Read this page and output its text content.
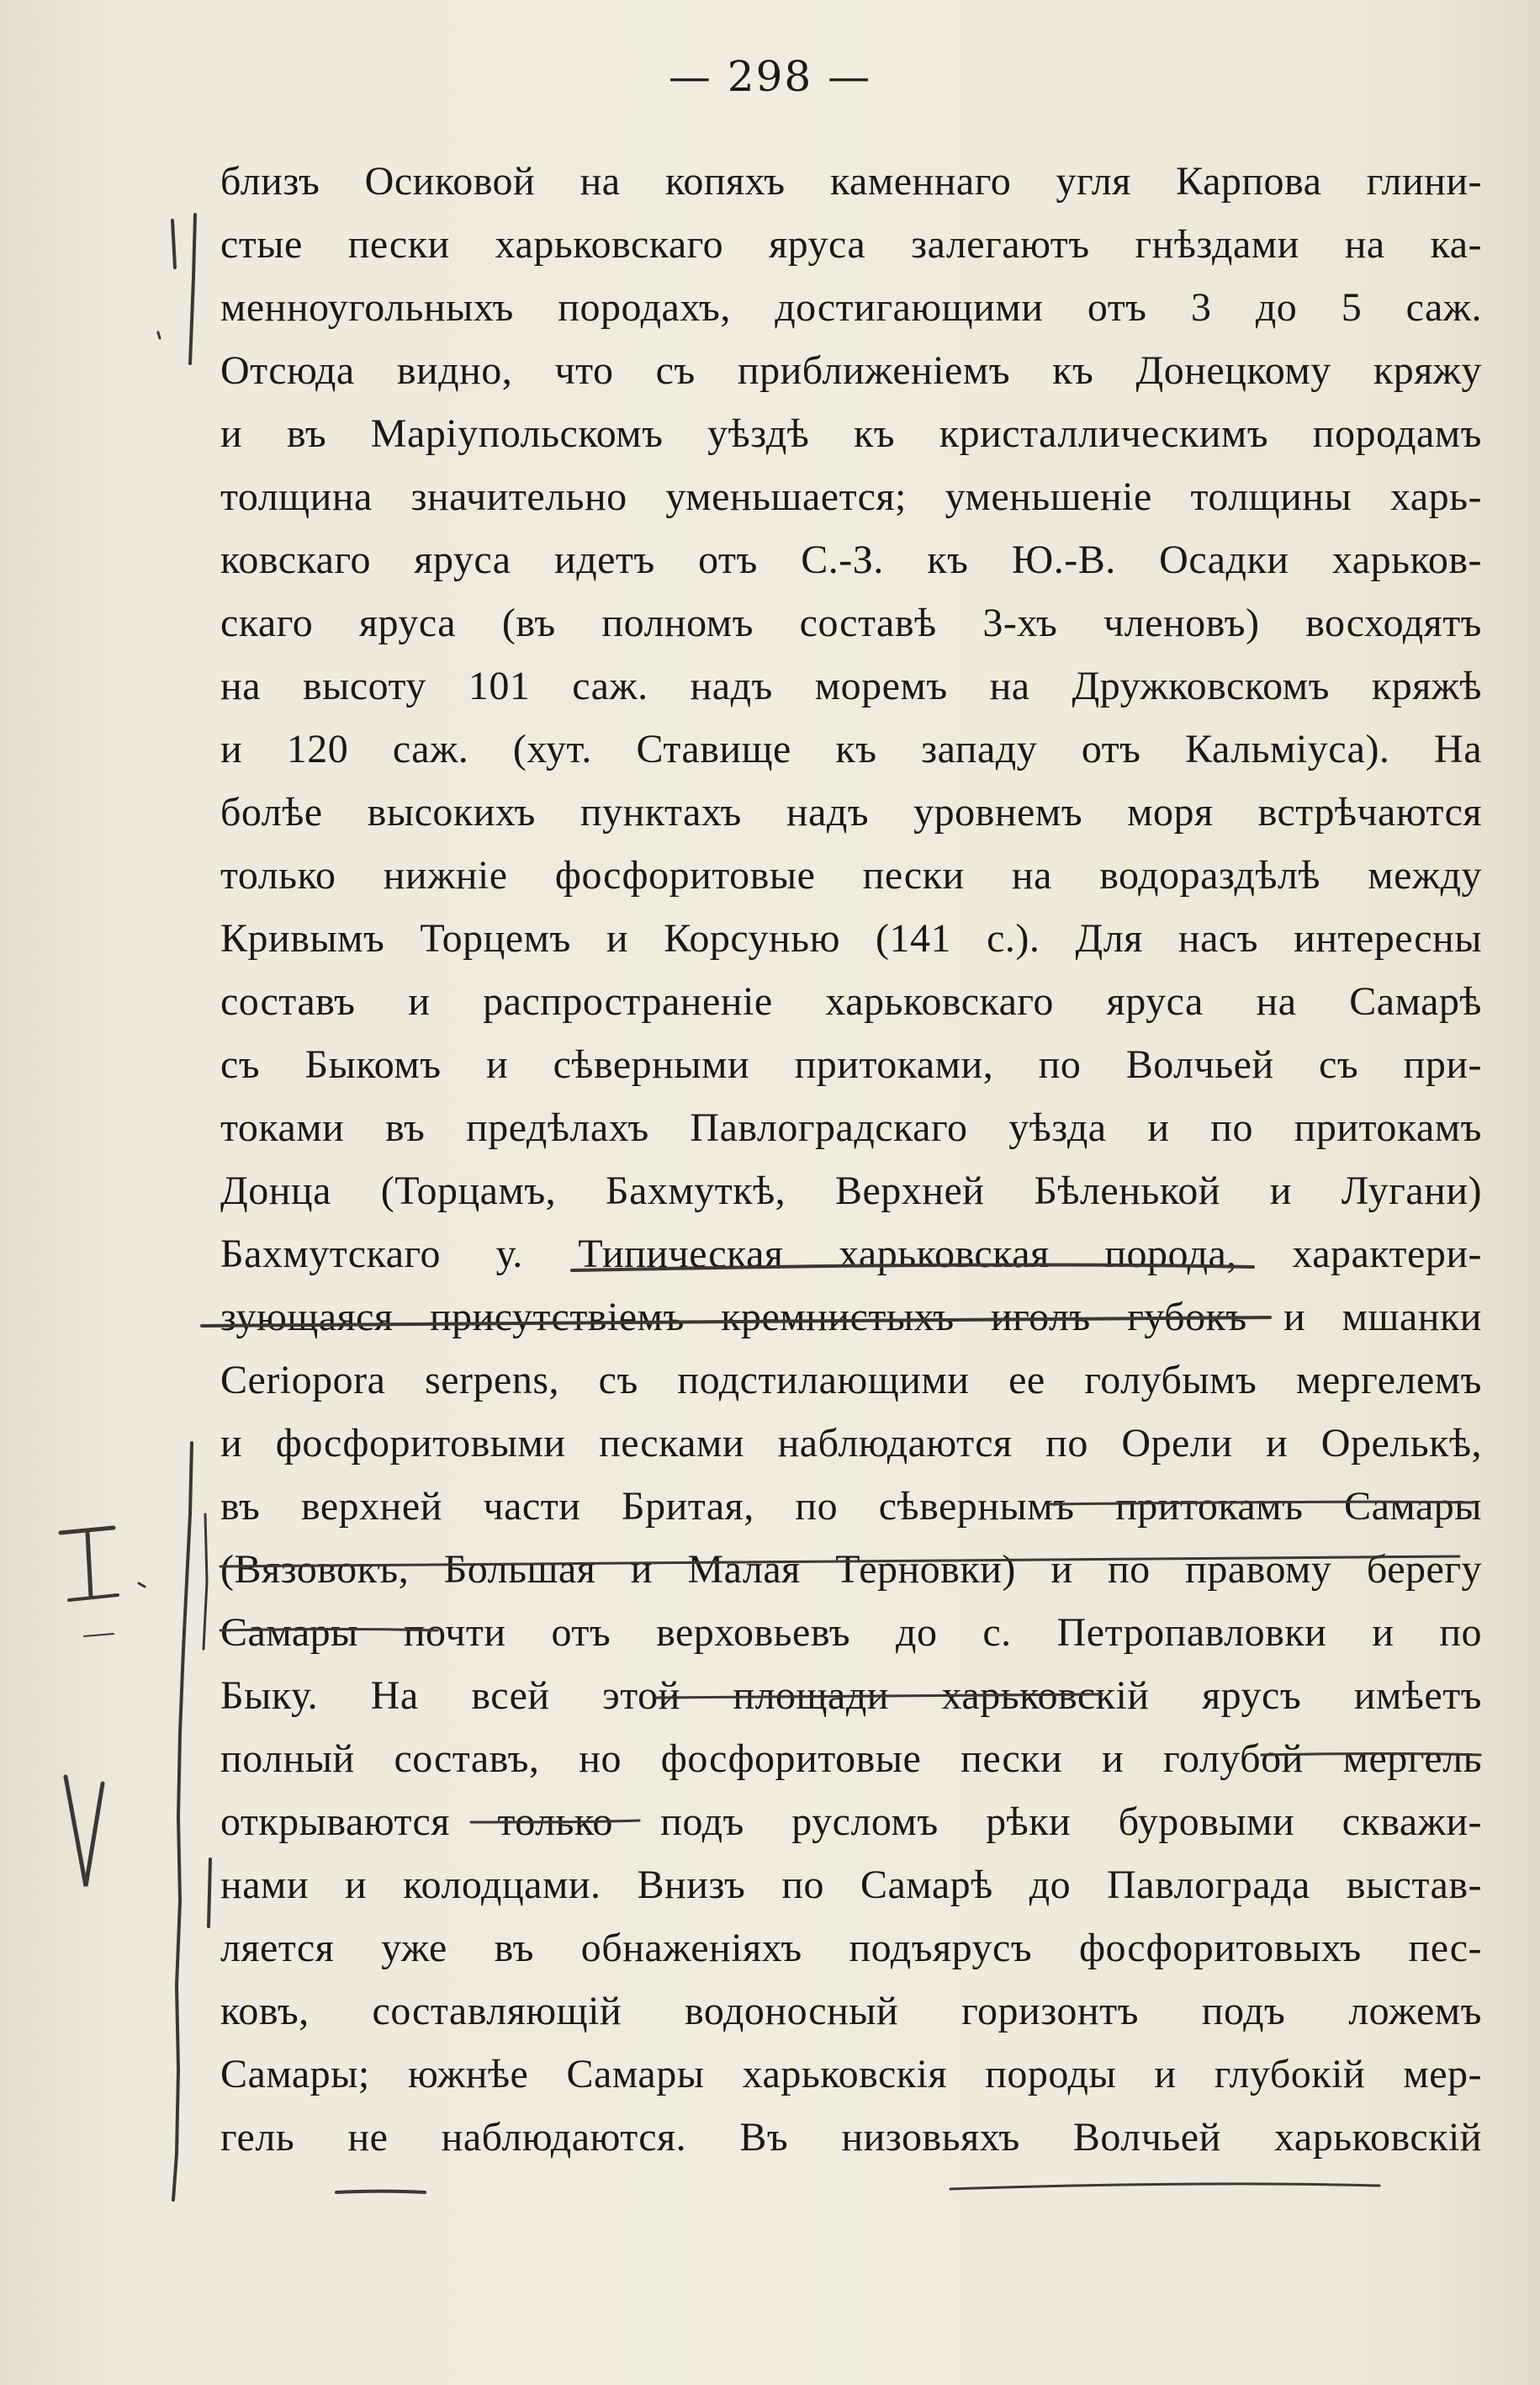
— 298 —
близъ Осиковой на копяхъ каменнаго угля Карпова глини-
стые пески харьковскаго яруса залегаютъ гнѣздами на ка-
менноугольныхъ породахъ, достигающими отъ 3 до 5 саж.
Отсюда видно, что съ приближеніемъ къ Донецкому кряжу
и въ Маріупольскомъ уѣздѣ къ кристаллическимъ породамъ
толщина значительно уменьшается; уменьшеніе толщины харь-
ковскаго яруса идетъ отъ С.-З. къ Ю.-В. Осадки харьков-
скаго яруса (въ полномъ составѣ 3-хъ членовъ) восходятъ
на высоту 101 саж. надъ моремъ на Дружковскомъ кряжѣ
и 120 саж. (хут. Ставище къ западу отъ Кальміуса). На
болѣе высокихъ пунктахъ надъ уровнемъ моря встрѣчаются
только нижніе фосфоритовые пески на водораздѣлѣ между
Кривымъ Торцемъ и Корсунью (141 с.). Для насъ интересны
составъ и распространеніе харьковскаго яруса на Самарѣ
съ Быкомъ и сѣверными притоками, по Волчьей съ при-
токами въ предѣлахъ Павлоградскаго уѣзда и по притокамъ
Донца (Торцамъ, Бахмуткѣ, Верхней Бѣленькой и Лугани)
Бахмутскаго у. Типическая харьковская порода, характери-
зующаяся присутствіемъ кремнистыхъ иголъ губокъ и мшанки
Ceriopora serpens, съ подстилающими ее голубымъ мергелемъ
и фосфоритовыми песками наблюдаются по Орели и Орелькѣ,
въ верхней части Бритая, по сѣвернымъ притокамъ Самары
(Вязовокъ, Большая и Малая Терновки) и по правому берегу
Самары почти отъ верховьевъ до с. Петропавловки и по
Быку. На всей этой площади харьковскій ярусъ имѣетъ
полный составъ, но фосфоритовые пески и голубой мергель
открываются только подъ русломъ рѣки буровыми скважи-
нами и колодцами. Внизъ по Самарѣ до Павлограда выстав-
ляется уже въ обнаженіяхъ подъярусъ фосфоритовыхъ пес-
ковъ, составляющій водоносный горизонтъ подъ ложемъ
Самары; южнѣе Самары харьковскія породы и глубокій мер-
гель не наблюдаются. Въ низовьяхъ Волчьей харьковскій
